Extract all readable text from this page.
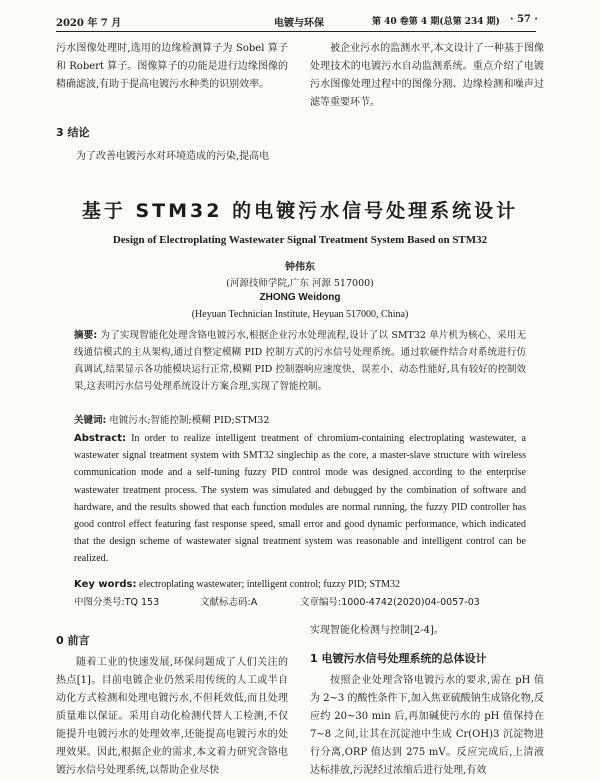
2020 年 7 月	电镀与环保	第 40 卷第 4 期(总第 234 期) · 57 ·

污水图像处理时,选用的边缘检测算子为 Sobel 算子和 Robert 算子。图像算子的功能是进行边缘图像的精确滤波,有助于提高电镀污水种类的识别效率。

被企业污水的监测水平,本文设计了一种基于图像处理技术的电镀污水自动监测系统。重点介绍了电镀污水图像处理过程中的图像分割、边缘检测和噪声过滤等重要环节。

3 结论

为了改善电镀污水对环境造成的污染,提高电

基于 STM32 的电镀污水信号处理系统设计
Design of Electroplating Wastewater Signal Treatment System Based on STM32
钟伟东
(河源技师学院,广东 河源 517000)
ZHONG Weidong
(Heyuan Technician Institute, Heyuan 517000, China)

摘要: 为了实现智能化处理含铬电镀污水,根据企业污水处理流程,设计了以 SMT32 单片机为核心、采用无线通信模式的主从架构,通过自整定模糊 PID 控制方式的污水信号处理系统。通过软硬件结合对系统进行仿真调试,结果显示各功能模块运行正常,模糊 PID 控制器响应速度快、误差小、动态性能好,具有较好的控制效果,这表明污水信号处理系统设计方案合理,实现了智能控制。

关键词: 电镀污水;智能控制;模糊 PID;STM32

Abstract: In order to realize intelligent treatment of chromium-containing electroplating wastewater, a wastewater signal treatment system with SMT32 singlechip as the core, a master-slave structure with wireless communication mode and a self-tuning fuzzy PID control mode was designed according to the enterprise wastewater treatment process. The system was simulated and debugged by the combination of software and hardware, and the results showed that each function modules are normal running, the fuzzy PID controller has good control effect featuring fast response speed, small error and good dynamic performance, which indicated that the design scheme of wastewater signal treatment system was reasonable and intelligent control can be realized.

Key words: electroplating wastewater; intelligent control; fuzzy PID; STM32

中图分类号:TQ 153	文献标志码:A	文章编号:1000-4742(2020)04-0057-03
0 前言

随着工业的快速发展,环保问题成了人们关注的热点[1]。目前电镀企业仍然采用传统的人工或半自动化方式检测和处理电镀污水,不但耗效低,而且处理质量难以保证。采用自动化检测代替人工检测,不仅能提升电镀污水的处理效率,还能提高电镀污水的处理效果。因此,根据企业的需求,本文着力研究含铬电镀污水信号处理系统,以帮助企业尽快

实现智能化检测与控制[2-4]。

1 电镀污水信号处理系统的总体设计

按照企业处理含铬电镀污水的要求,需在 pH 值为 2~3 的酸性条件下,加入焦亚硫酸钠生成铬化物,反应约 20~30 min 后,再加碱使污水的 pH 值保持在 7~8 之间,让其在沉淀池中生成 Cr(OH)3 沉淀物进行分离,ORP 值达到 275 mV。反应完成后,上清液达标排放,污泥经过浓缩后进行处理,有效
